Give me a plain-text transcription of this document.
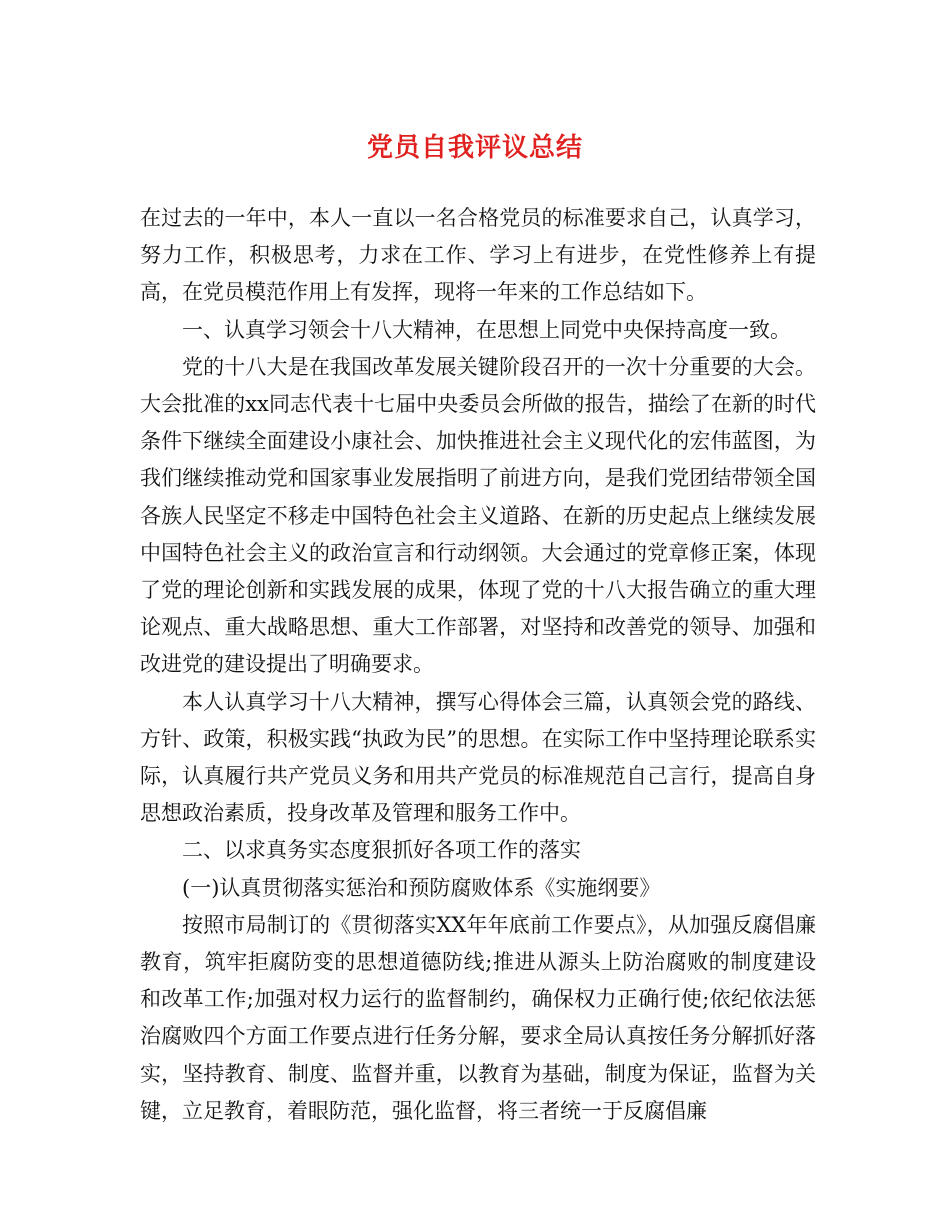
党员自我评议总结

在过去的一年中，本人一直以一名合格党员的标准要求自己，认真学习，努力工作，积极思考，力求在工作、学习上有进步，在党性修养上有提高，在党员模范作用上有发挥，现将一年来的工作总结如下。

一、认真学习领会十八大精神，在思想上同党中央保持高度一致。

党的十八大是在我国改革发展关键阶段召开的一次十分重要的大会。大会批准的xx同志代表十七届中央委员会所做的报告，描绘了在新的时代条件下继续全面建设小康社会、加快推进社会主义现代化的宏伟蓝图，为我们继续推动党和国家事业发展指明了前进方向，是我们党团结带领全国各族人民坚定不移走中国特色社会主义道路、在新的历史起点上继续发展中国特色社会主义的政治宣言和行动纲领。大会通过的党章修正案，体现了党的理论创新和实践发展的成果，体现了党的十八大报告确立的重大理论观点、重大战略思想、重大工作部署，对坚持和改善党的领导、加强和改进党的建设提出了明确要求。

本人认真学习十八大精神，撰写心得体会三篇，认真领会党的路线、方针、政策，积极实践“执政为民”的思想。在实际工作中坚持理论联系实际，认真履行共产党员义务和用共产党员的标准规范自己言行，提高自身思想政治素质，投身改革及管理和服务工作中。

二、以求真务实态度狠抓好各项工作的落实

(一)认真贯彻落实惩治和预防腐败体系《实施纲要》

按照市局制订的《贯彻落实XX年年底前工作要点》，从加强反腐倡廉教育，筑牢拒腐防变的思想道德防线;推进从源头上防治腐败的制度建设和改革工作;加强对权力运行的监督制约，确保权力正确行使;依纪依法惩治腐败四个方面工作要点进行任务分解，要求全局认真按任务分解抓好落实，坚持教育、制度、监督并重，以教育为基础，制度为保证，监督为关键，立足教育，着眼防范，强化监督，将三者统一于反腐倡廉
